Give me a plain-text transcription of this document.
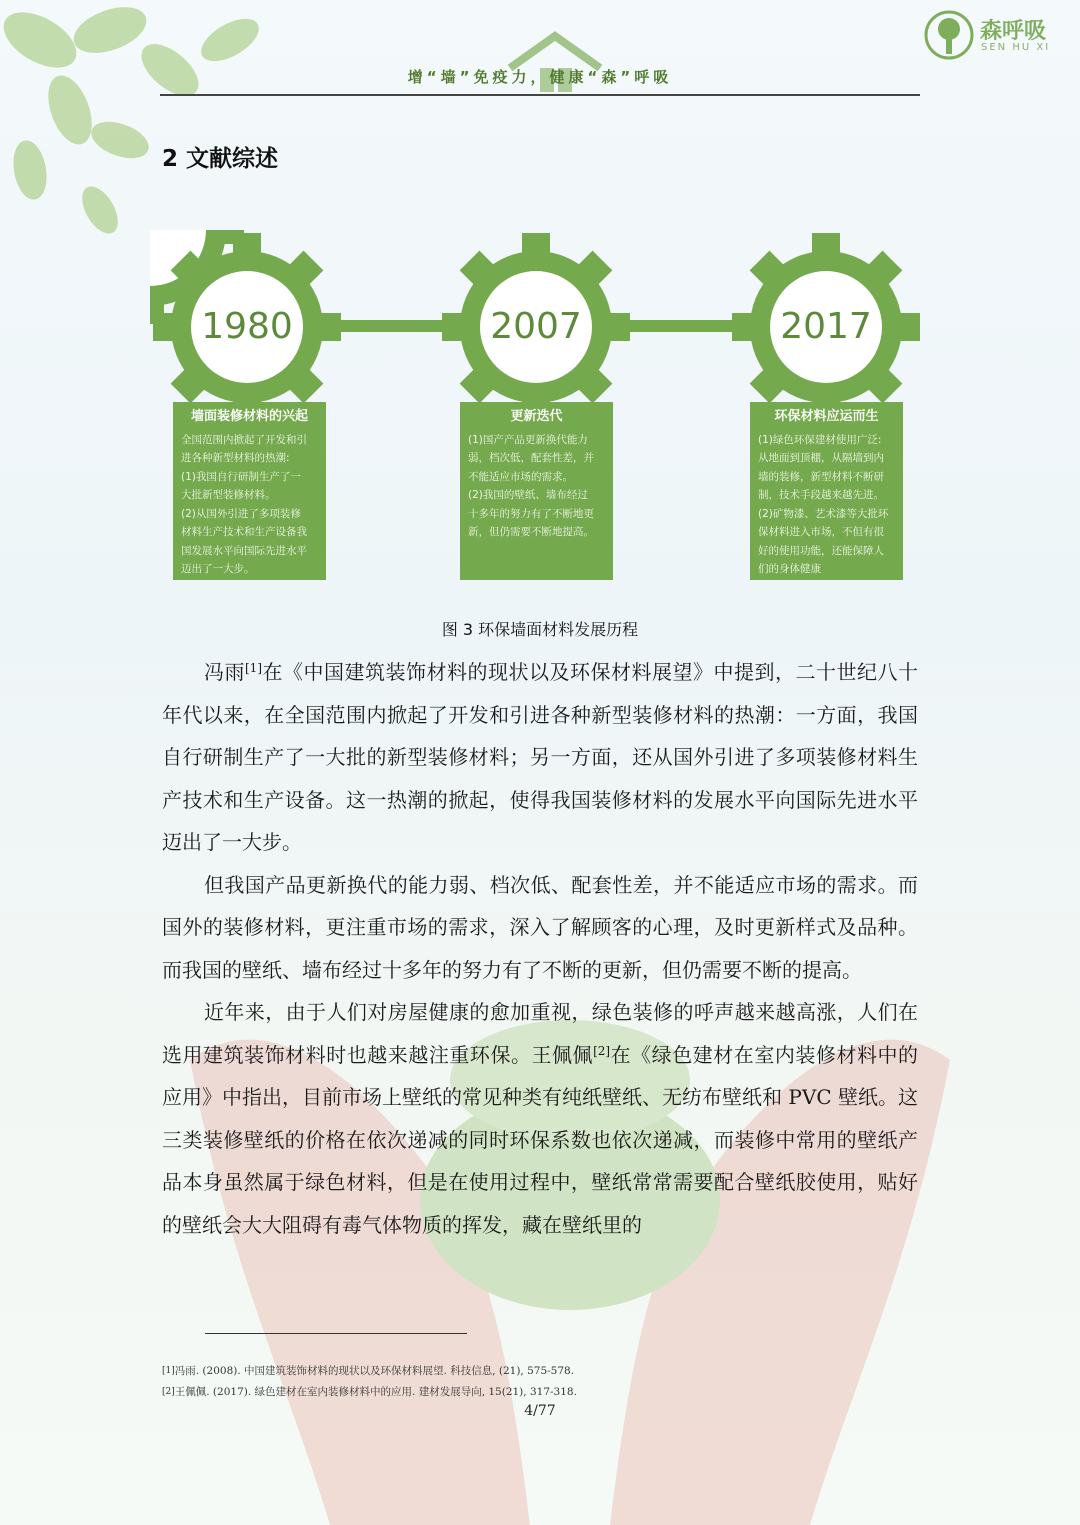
增“墙”免疫力，健康“森”呼吸
森呼吸
SEN HU XI
2 文献综述
1980	2007	2017
墙面装修材料的兴起
全国范围内掀起了开发和引
进各种新型材料的热潮:
(1)我国自行研制生产了一
大批新型装修材料。
(2)从国外引进了多项装修
材料生产技术和生产设备我
国发展水平向国际先进水平
迈出了一大步。
更新迭代
(1)国产产品更新换代能力
弱，档次低，配套性差，并
不能适应市场的需求。
(2)我国的壁纸、墙布经过
十多年的努力有了不断地更
新，但仍需要不断地提高。
环保材料应运而生
(1)绿色环保建材使用广泛:
从地面到顶棚，从隔墙到内
墙的装修，新型材料不断研
制，技术手段越来越先进。
(2)矿物漆、艺术漆等大批环
保材料进入市场，不但有很
好的使用功能，还能保障人
们的身体健康
图 3 环保墙面材料发展历程
冯雨[1]在《中国建筑装饰材料的现状以及环保材料展望》中提到，二十世纪八十年代以来，在全国范围内掀起了开发和引进各种新型装修材料的热潮：一方面，我国自行研制生产了一大批的新型装修材料；另一方面，还从国外引进了多项装修材料生产技术和生产设备。这一热潮的掀起，使得我国装修材料的发展水平向国际先进水平迈出了一大步。
但我国产品更新换代的能力弱、档次低、配套性差，并不能适应市场的需求。而国外的装修材料，更注重市场的需求，深入了解顾客的心理，及时更新样式及品种。而我国的壁纸、墙布经过十多年的努力有了不断的更新，但仍需要不断的提高。
近年来，由于人们对房屋健康的愈加重视，绿色装修的呼声越来越高涨，人们在选用建筑装饰材料时也越来越注重环保。王佩佩[2]在《绿色建材在室内装修材料中的应用》中指出，目前市场上壁纸的常见种类有纯纸壁纸、无纺布壁纸和 PVC 壁纸。这三类装修壁纸的价格在依次递减的同时环保系数也依次递减，而装修中常用的壁纸产品本身虽然属于绿色材料，但是在使用过程中，壁纸常常需要配合壁纸胶使用，贴好的壁纸会大大阻碍有毒气体物质的挥发，藏在壁纸里的
[1]冯雨. (2008). 中国建筑装饰材料的现状以及环保材料展望. 科技信息, (21), 575-578.
[2]王佩佩. (2017). 绿色建材在室内装修材料中的应用. 建材发展导向, 15(21), 317-318.
4/77
